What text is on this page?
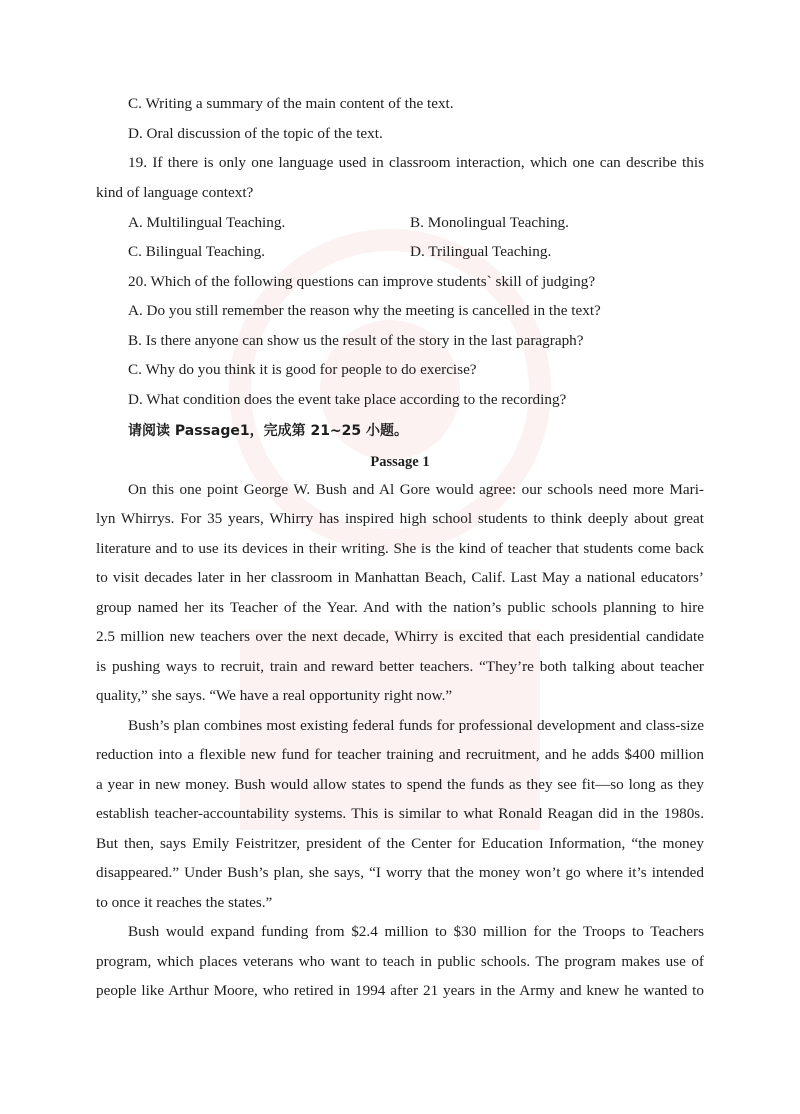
C. Writing a summary of the main content of the text.
D. Oral discussion of the topic of the text.
19. If there is only one language used in classroom interaction, which one can describe this
kind of language context?
A. Multilingual Teaching.	B. Monolingual Teaching.
C. Bilingual Teaching.	D. Trilingual Teaching.
20. Which of the following questions can improve students` skill of judging?
A. Do you still remember the reason why the meeting is cancelled in the text?
B. Is there anyone can show us the result of the story in the last paragraph?
C. Why do you think it is good for people to do exercise?
D. What condition does the event take place according to the recording?
请阅读 Passage1，完成第 21~25 小题。
Passage 1
On this one point George W. Bush and Al Gore would agree: our schools need more Mari-
lyn Whirrys. For 35 years, Whirry has inspired high school students to think deeply about great
literature and to use its devices in their writing. She is the kind of teacher that students come back
to visit decades later in her classroom in Manhattan Beach, Calif. Last May a national educators’
group named her its Teacher of the Year. And with the nation’s public schools planning to hire
2.5 million new teachers over the next decade, Whirry is excited that each presidential candidate
is pushing ways to recruit, train and reward better teachers. “They’re both talking about teacher
quality,” she says. “We have a real opportunity right now.”
Bush’s plan combines most existing federal funds for professional development and class-size
reduction into a flexible new fund for teacher training and recruitment, and he adds $400 million
a year in new money. Bush would allow states to spend the funds as they see fit—so long as they
establish teacher-accountability systems. This is similar to what Ronald Reagan did in the 1980s.
But then, says Emily Feistritzer, president of the Center for Education Information, “the money
disappeared.” Under Bush’s plan, she says, “I worry that the money won’t go where it’s intended
to once it reaches the states.”
Bush would expand funding from $2.4 million to $30 million for the Troops to Teachers
program, which places veterans who want to teach in public schools. The program makes use of
people like Arthur Moore, who retired in 1994 after 21 years in the Army and knew he wanted to
